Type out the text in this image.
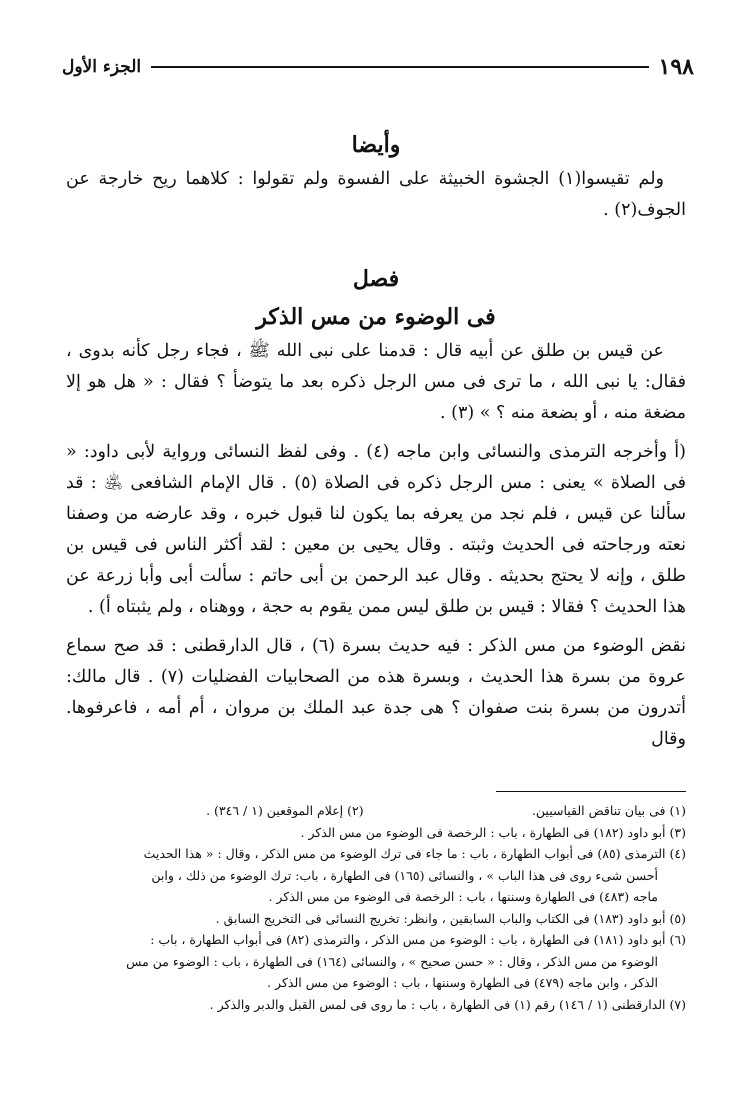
١٩٨
الجزء الأول
وأيضا

ولم تقيسوا(١) الجشوة الخبيثة على الفسوة ولم تقولوا : كلاهما ريح خارجة عن الجوف(٢) .

فصل
فى الوضوء من مس الذكر

عن قيس بن طلق عن أبيه قال : قدمنا على نبى الله ﷺ ، فجاء رجل كأنه بدوى ، فقال: يا نبى الله ، ما ترى فى مس الرجل ذكره بعد ما يتوضأ ؟ فقال : « هل هو إلا مضغة منه ، أو بضعة منه ؟ » (٣) .

(أ وأخرجه الترمذى والنسائى وابن ماجه (٤) . وفى لفظ النسائى ورواية لأبى داود: « فى الصلاة » يعنى : مس الرجل ذكره فى الصلاة (٥) . قال الإمام الشافعى ﵁ : قد سألنا عن قيس ، فلم نجد من يعرفه بما يكون لنا قبول خبره ، وقد عارضه من وصفنا نعته ورجاحته فى الحديث وثبته . وقال يحيى بن معين : لقد أكثر الناس فى قيس بن طلق ، وإنه لا يحتج بحديثه . وقال عبد الرحمن بن أبى حاتم : سألت أبى وأبا زرعة عن هذا الحديث ؟ فقالا : قيس بن طلق ليس ممن يقوم به حجة ، ووهناه ، ولم يثبتاه أ) .

نقض الوضوء من مس الذكر : فيه حديث بسرة (٦) ، قال الدارقطنى : قد صح سماع عروة من بسرة هذا الحديث ، وبسرة هذه من الصحابيات الفضليات (٧) . قال مالك: أتدرون من بسرة بنت صفوان ؟ هى جدة عبد الملك بن مروان ، أم أمه ، فاعرفوها. وقال

(١) فى بيان تناقض القياسيين.
(٢) إعلام الموقعين (١ / ٣٤٦) .

(٣) أبو داود (١٨٢) فى الطهارة ، باب : الرخصة فى الوضوء من مس الذكر .

(٤) الترمذى (٨٥) فى أبواب الطهارة ، باب : ما جاء فى ترك الوضوء من مس الذكر ، وقال : « هذا الحديث

أحسن شىء روى فى هذا الباب » ، والنسائى (١٦٥) فى الطهارة ، باب: ترك الوضوء من ذلك ، وابن

ماجه (٤٨٣) فى الطهارة وسننها ، باب : الرخصة فى الوضوء من مس الذكر .

(٥) أبو داود (١٨٣) فى الكتاب والباب السابقين ، وانظر: تخريج النسائى فى التخريج السابق .

(٦) أبو داود (١٨١) فى الطهارة ، باب : الوضوء من مس الذكر ، والترمذى (٨٢) فى أبواب الطهارة ، باب :

الوضوء من مس الذكر ، وقال : « حسن صحيح » ، والنسائى (١٦٤) فى الطهارة ، باب : الوضوء من مس

الذكر ، وابن ماجه (٤٧٩) فى الطهارة وسننها ، باب : الوضوء من مس الذكر .

(٧) الدارقطنى (١ / ١٤٦) رقم (١) فى الطهارة ، باب : ما روى فى لمس القبل والدبر والذكر .
